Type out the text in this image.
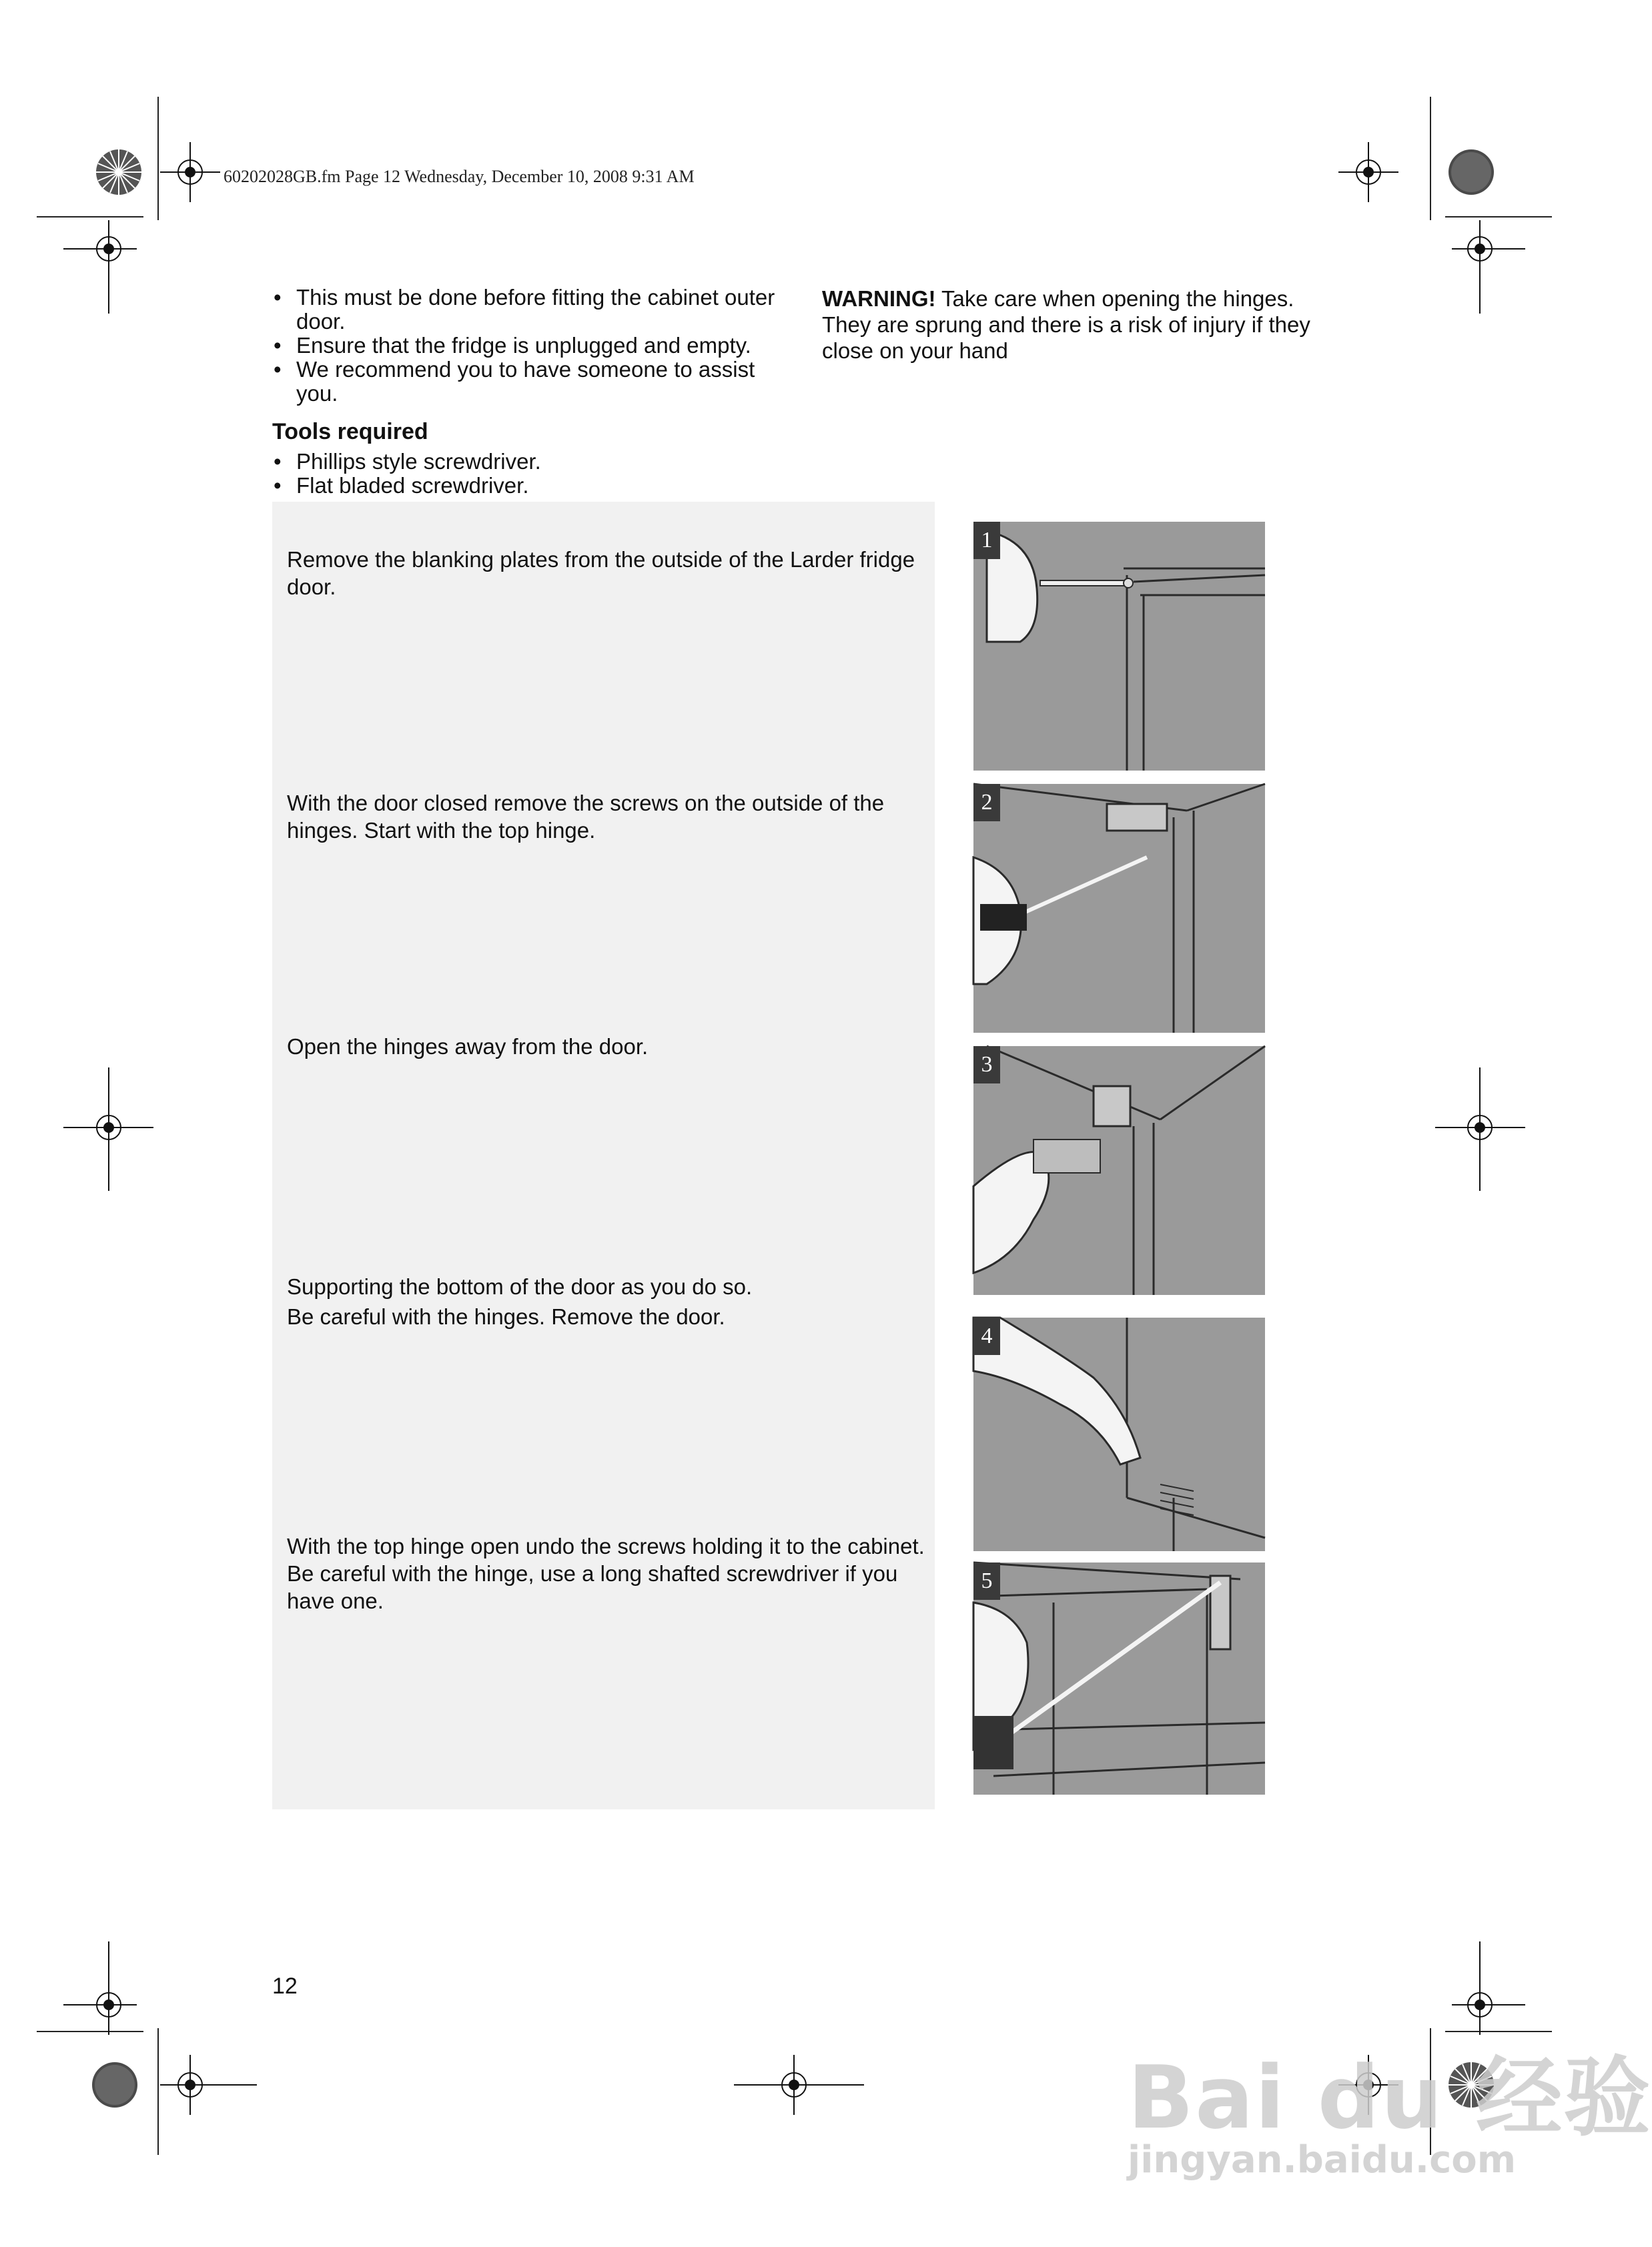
60202028GB.fm Page 12 Wednesday, December 10, 2008 9:31 AM
• This must be done before fitting the cabinet outer door.
• Ensure that the fridge is unplugged and empty.
• We recommend you to have someone to assist you.
WARNING! Take care when opening the hinges. They are sprung and there is a risk of injury if they close on your hand
Tools required
• Phillips style screwdriver.
• Flat bladed screwdriver.
Remove the blanking plates from the outside of the Larder fridge door.
With the door closed remove the screws on the outside of the hinges. Start with the top hinge.
Open the hinges away from the door.
Supporting the bottom of the door as you do so.
Be careful with the hinges. Remove the door.
With the top hinge open undo the screws holding it to the cabinet. Be careful with the hinge, use a long shafted screwdriver if you have one.
1
2
3
4
5
12
Bai du 经验
jingyan.baidu.com
